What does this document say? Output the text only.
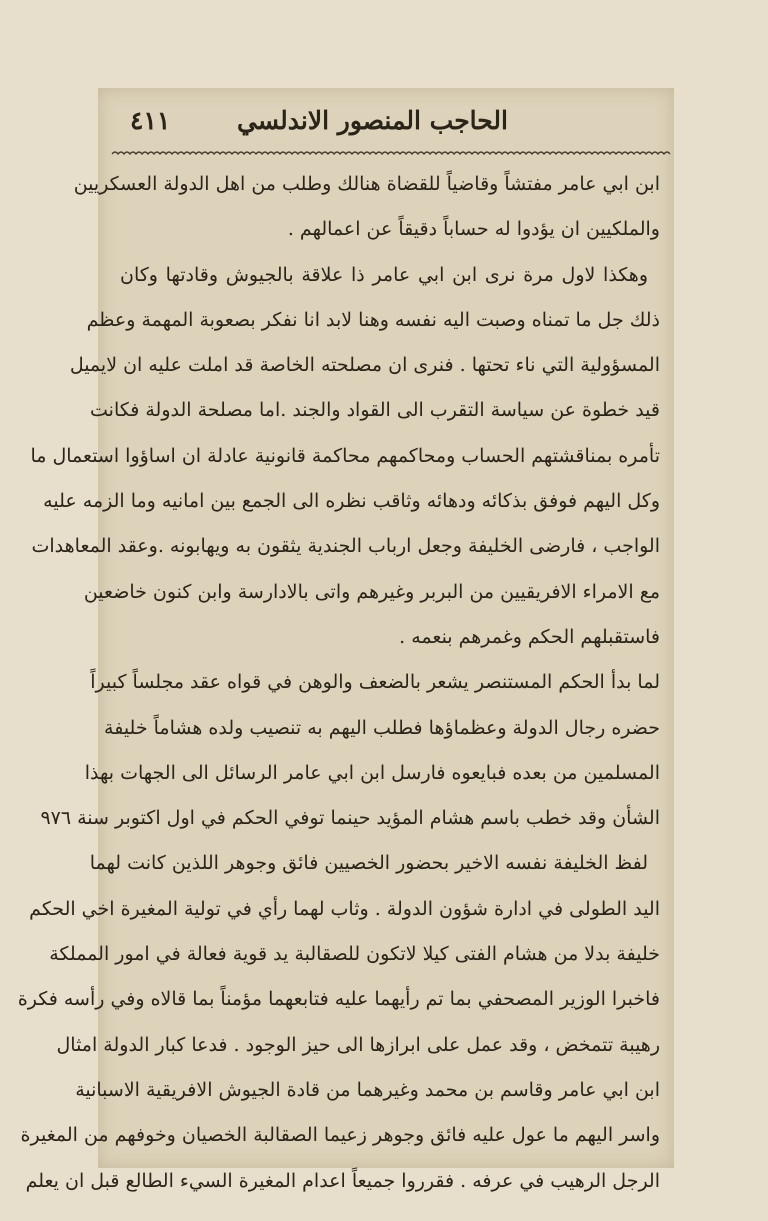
الحاجب المنصور الاندلسي
٤١١
ابن ابي عامر مفتشاً وقاضياً للقضاة هنالك وطلب من اهل الدولة العسكريين
والملكيين ان يؤدوا له حساباً دقيقاً عن اعمالهم .
وهكذا لاول مرة نرى ابن ابي عامر ذا علاقة بالجيوش وقادتها وكان
ذلك جل ما تمناه وصبت اليه نفسه وهنا لابد انا نفكر بصعوبة المهمة وعظم
المسؤولية التي ناء تحتها . فنرى ان مصلحته الخاصة قد املت عليه ان لايميل
قيد خطوة عن سياسة التقرب الى القواد والجند .اما مصلحة الدولة فكانت
تأمره بمناقشتهم الحساب ومحاكمهم محاكمة قانونية عادلة ان اساؤوا استعمال ما
وكل اليهم فوفق بذكائه ودهائه وثاقب نظره الى الجمع بين امانيه وما الزمه عليه
الواجب ، فارضى الخليفة وجعل ارباب الجندية يثقون به ويهابونه .وعقد المعاهدات
مع الامراء الافريقيين من البربر وغيرهم واتى بالادارسة وابن كنون خاضعين
فاستقبلهم الحكم وغمرهم بنعمه .
لما بدأ الحكم المستنصر يشعر بالضعف والوهن في قواه عقد مجلساً كبيراً
حضره رجال الدولة وعظماؤها فطلب اليهم به تنصيب ولده هشاماً خليفة
المسلمين من بعده فبايعوه فارسل ابن ابي عامر الرسائل الى الجهات بهذا
الشأن وقد خطب باسم هشام المؤيد حينما توفي الحكم في اول اكتوبر سنة ٩٧٦
لفظ الخليفة نفسه الاخير بحضور الخصيين فائق وجوهر اللذين كانت لهما
اليد الطولى في ادارة شؤون الدولة . وثاب لهما رأي في تولية المغيرة اخي الحكم
خليفة بدلا من هشام الفتى كيلا لاتكون للصقالبة يد قوية فعالة في امور المملكة
فاخبرا الوزير المصحفي بما تم رأيهما عليه فتابعهما مؤمناً بما قالاه وفي رأسه فكرة
رهيبة تتمخض ، وقد عمل على ابرازها الى حيز الوجود . فدعا كبار الدولة امثال
ابن ابي عامر وقاسم بن محمد وغيرهما من قادة الجيوش الافريقية الاسبانية
واسر اليهم ما عول عليه فائق وجوهر زعيما الصقالبة الخصيان وخوفهم من المغيرة
الرجل الرهيب في عرفه . فقرروا جميعاً اعدام المغيرة السيء الطالع قبل ان يعلم
